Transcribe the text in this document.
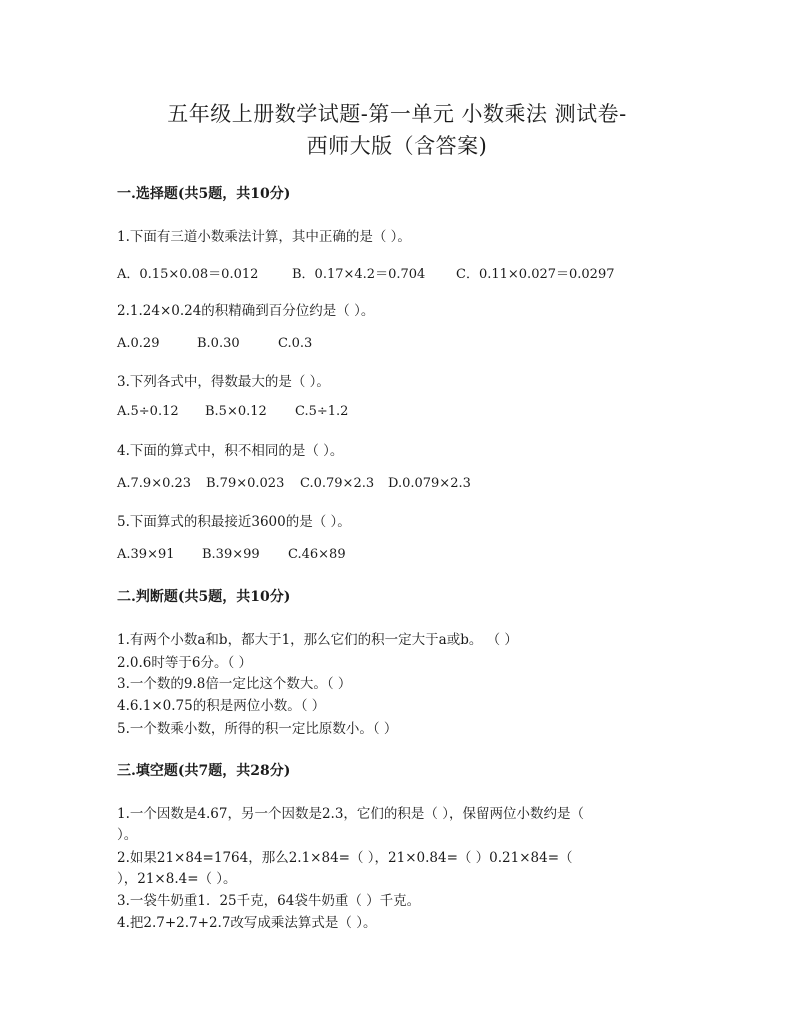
五年级上册数学试题-第一单元 小数乘法 测试卷-
西师大版（含答案)
一.选择题(共5题，共10分)
1.下面有三道小数乘法计算，其中正确的是（ ）。
A．0.15×0.08＝0.012	B．0.17×4.2＝0.704 C．0.11×0.027＝0.0297
2.1.24×0.24的积精确到百分位约是（ ）。
A.0.29	B.0.30	C.0.3
3.下列各式中，得数最大的是（ ）。
A.5÷0.12 B.5×0.12 C.5÷1.2
4.下面的算式中，积不相同的是（ ）。
A.7.9×0.23 B.79×0.023 C.0.79×2.3 D.0.079×2.3
5.下面算式的积最接近3600的是（ ）。
A.39×91 B.39×99 C.46×89
二.判断题(共5题，共10分)
1.有两个小数a和b，都大于1，那么它们的积一定大于a或b。 （ ）
2.0.6时等于6分。（ ）
3.一个数的9.8倍一定比这个数大。（ ）
4.6.1×0.75的积是两位小数。（ ）
5.一个数乘小数，所得的积一定比原数小。（ ）
三.填空题(共7题，共28分)
1.一个因数是4.67，另一个因数是2.3，它们的积是（ ），保留两位小数约是（
）。
2.如果21×84=1764，那么2.1×84=（ ），21×0.84=（ ）0.21×84=（
），21×8.4=（ ）。
3.一袋牛奶重1．25千克，64袋牛奶重（ ）千克。
4.把2.7+2.7+2.7改写成乘法算式是（ ）。
